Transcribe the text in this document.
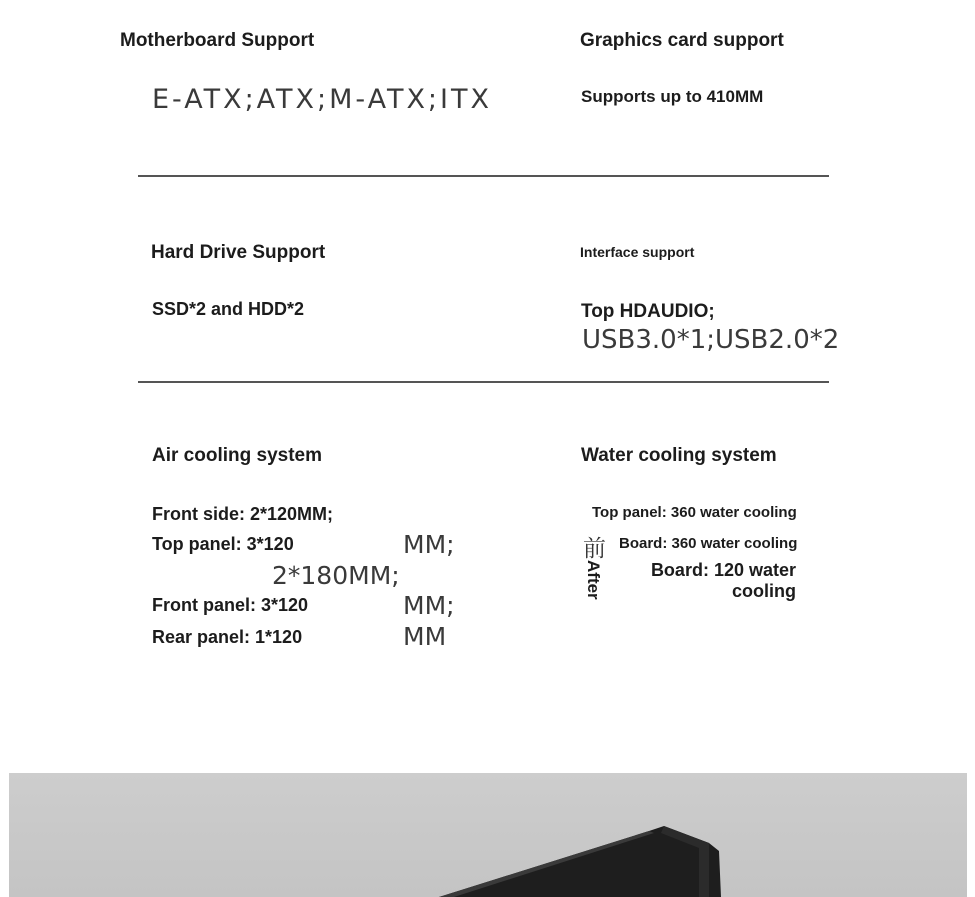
Motherboard Support
E-ATX;ATX;M-ATX;ITX
Graphics card support
Supports up to 410MM
Hard Drive Support
SSD*2 and HDD*2
Interface support
Top HDAUDIO;
USB3.0*1;USB2.0*2
Air cooling system
Front side: 2*120MM;
Top panel: 3*120	MM;
2*180MM;
Front panel: 3*120	MM;
Rear panel: 1*120	MM
Water cooling system
Top panel: 360 water cooling
前 Board: 360 water cooling
After	Board: 120 water
cooling
